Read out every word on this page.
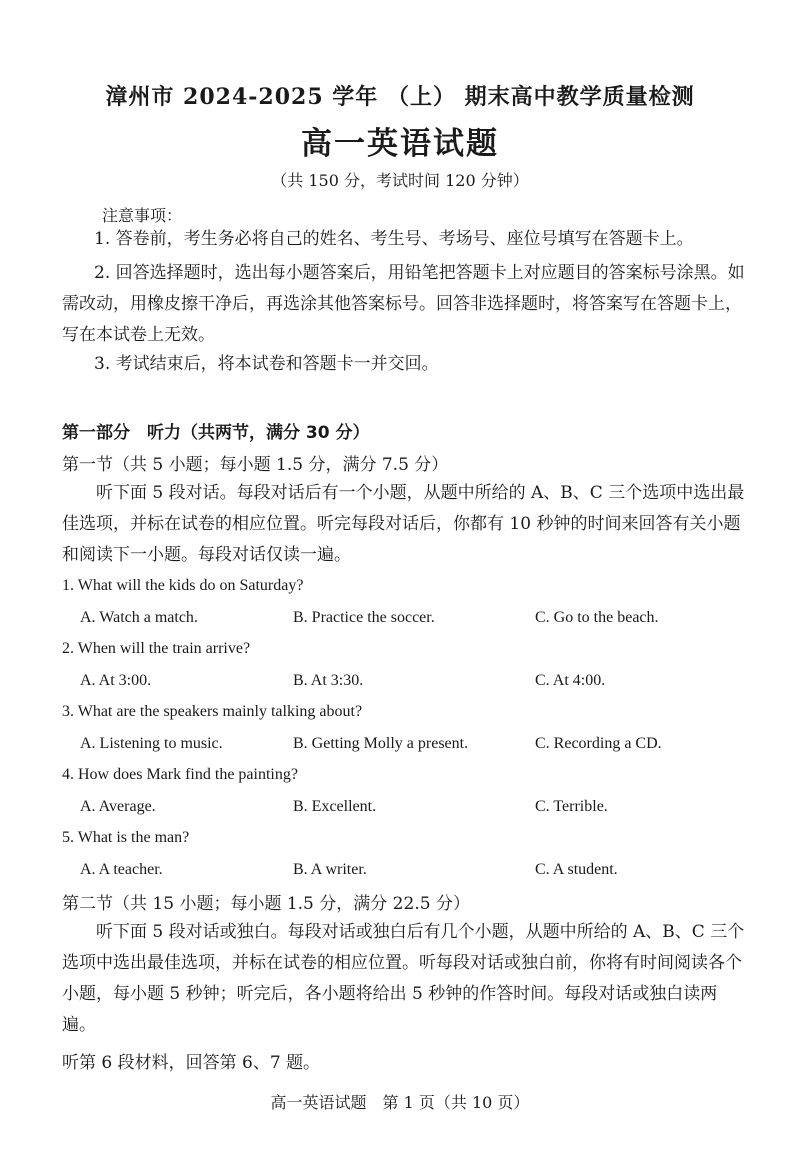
漳州市 2024-2025 学年 （上） 期末高中教学质量检测
高一英语试题
（共 150 分，考试时间 120 分钟）
注意事项：
1. 答卷前，考生务必将自己的姓名、考生号、考场号、座位号填写在答题卡上。
2. 回答选择题时，选出每小题答案后，用铅笔把答题卡上对应题目的答案标号涂黑。如需改动，用橡皮擦干净后，再选涂其他答案标号。回答非选择题时，将答案写在答题卡上，写在本试卷上无效。
3. 考试结束后，将本试卷和答题卡一并交回。
第一部分　听力（共两节，满分 30 分）
第一节（共 5 小题；每小题 1.5 分，满分 7.5 分）
听下面 5 段对话。每段对话后有一个小题，从题中所给的 A、B、C 三个选项中选出最佳选项，并标在试卷的相应位置。听完每段对话后，你都有 10 秒钟的时间来回答有关小题和阅读下一小题。每段对话仅读一遍。
1. What will the kids do on Saturday?
A. Watch a match.	B. Practice the soccer.	C. Go to the beach.
2. When will the train arrive?
A. At 3:00.	B. At 3:30.	C. At 4:00.
3. What are the speakers mainly talking about?
A. Listening to music.	B. Getting Molly a present.	C. Recording a CD.
4. How does Mark find the painting?
A. Average.	B. Excellent.	C. Terrible.
5. What is the man?
A. A teacher.	B. A writer.	C. A student.
第二节（共 15 小题；每小题 1.5 分，满分 22.5 分）
听下面 5 段对话或独白。每段对话或独白后有几个小题，从题中所给的 A、B、C 三个选项中选出最佳选项，并标在试卷的相应位置。听每段对话或独白前，你将有时间阅读各个小题，每小题 5 秒钟；听完后，各小题将给出 5 秒钟的作答时间。每段对话或独白读两遍。
听第 6 段材料，回答第 6、7 题。
高一英语试题　第 1 页（共 10 页）
